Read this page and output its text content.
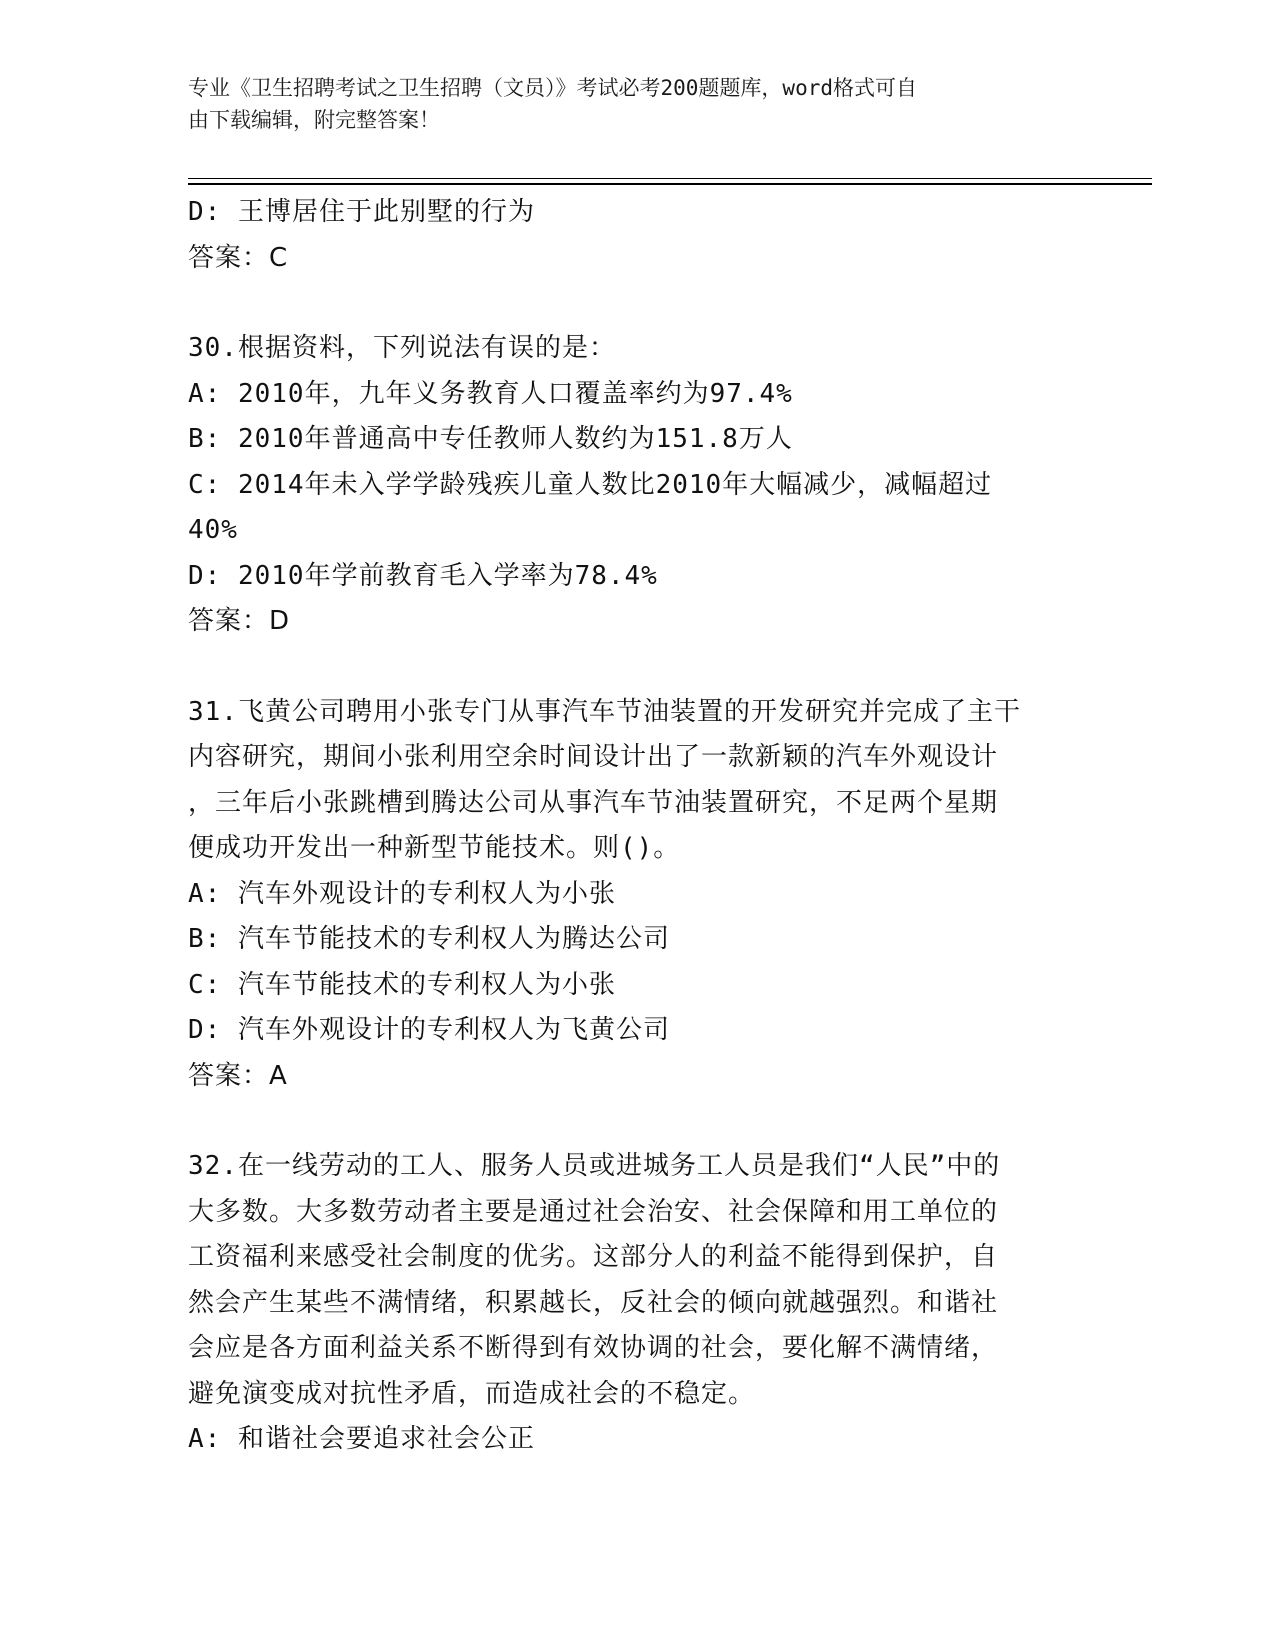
专业《卫生招聘考试之卫生招聘（文员）》考试必考200题题库，word格式可自
由下载编辑，附完整答案！
D: 王博居住于此别墅的行为
答案：C
30.根据资料，下列说法有误的是：
A: 2010年，九年义务教育人口覆盖率约为97.4%
B: 2010年普通高中专任教师人数约为151.8万人
C: 2014年未入学学龄残疾儿童人数比2010年大幅减少，减幅超过
40%
D: 2010年学前教育毛入学率为78.4%
答案：D
31.飞黄公司聘用小张专门从事汽车节油装置的开发研究并完成了主干
内容研究，期间小张利用空余时间设计出了一款新颖的汽车外观设计
，三年后小张跳槽到腾达公司从事汽车节油装置研究，不足两个星期
便成功开发出一种新型节能技术。则()。
A: 汽车外观设计的专利权人为小张
B: 汽车节能技术的专利权人为腾达公司
C: 汽车节能技术的专利权人为小张
D: 汽车外观设计的专利权人为飞黄公司
答案：A
32.在一线劳动的工人、服务人员或进城务工人员是我们“人民”中的
大多数。大多数劳动者主要是通过社会治安、社会保障和用工单位的
工资福利来感受社会制度的优劣。这部分人的利益不能得到保护，自
然会产生某些不满情绪，积累越长，反社会的倾向就越强烈。和谐社
会应是各方面利益关系不断得到有效协调的社会，要化解不满情绪，
避免演变成对抗性矛盾，而造成社会的不稳定。
A: 和谐社会要追求社会公正
